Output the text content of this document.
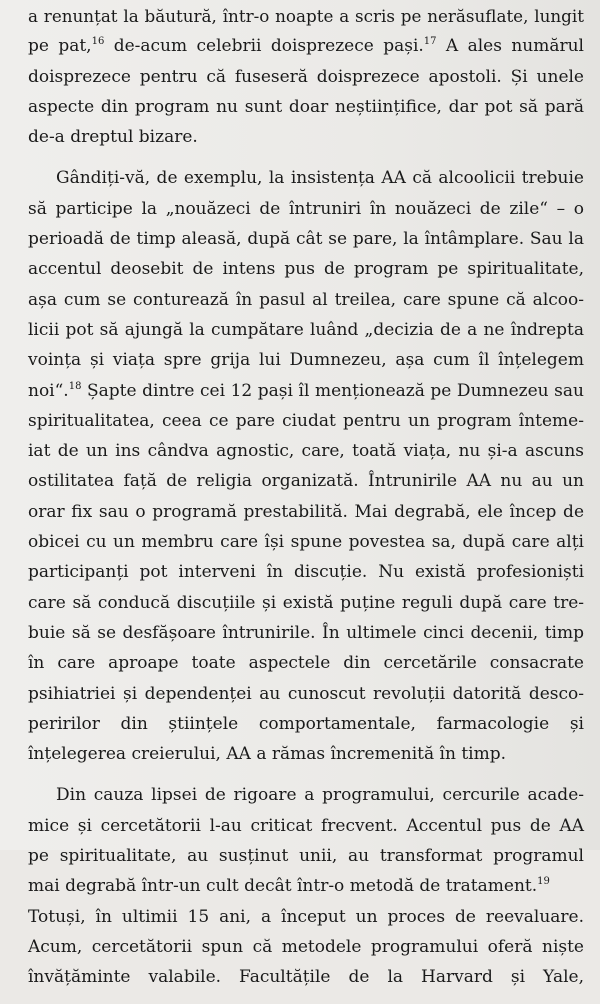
a renunțat la băutură, într-o noapte a scris pe nerăsuflate, lungit
pe pat,$^{16}$ de-acum celebrii doisprezece pași.$^{17}$ A ales numărul
doisprezece pentru că fuseseră doisprezece apostoli. Și unele
aspecte din program nu sunt doar neștiințifice, dar pot să pară
de-a dreptul bizare.
Gândiți-vă, de exemplu, la insistența AA că alcoolicii trebuie
să participe la „nouăzeci de întruniri în nouăzeci de zile“ – o
perioadă de timp aleasă, după cât se pare, la întâmplare. Sau la
accentul deosebit de intens pus de program pe spiritualitate,
așa cum se conturează în pasul al treilea, care spune că alcoo-
licii pot să ajungă la cumpătare luând „decizia de a ne îndrepta
voința și viața spre grija lui Dumnezeu, așa cum îl înțelegem
noi“.$^{18}$ Șapte dintre cei 12 pași îl menționează pe Dumnezeu sau
spiritualitatea, ceea ce pare ciudat pentru un program înteme-
iat de un ins cândva agnostic, care, toată viața, nu și-a ascuns
ostilitatea față de religia organizată. Întrunirile AA nu au un
orar fix sau o programă prestabilită. Mai degrabă, ele încep de
obicei cu un membru care își spune povestea sa, după care alți
participanți pot interveni în discuție. Nu există profesioniști
care să conducă discuțiile și există puține reguli după care tre-
buie să se desfășoare întrunirile. În ultimele cinci decenii, timp
în care aproape toate aspectele din cercetările consacrate
psihiatriei și dependenței au cunoscut revoluții datorită desco-
peririlor din științele comportamentale, farmacologie și
înțelegerea creierului, AA a rămas încremenită în timp.
Din cauza lipsei de rigoare a programului, cercurile acade-
mice și cercetătorii l-au criticat frecvent. Accentul pus de AA
pe spiritualitate, au susținut unii, au transformat programul
mai degrabă într-un cult decât într-o metodă de tratament.$^{19}$
Totuși, în ultimii 15 ani, a început un proces de reevaluare.
Acum, cercetătorii spun că metodele programului oferă niște
învățăminte valabile. Facultățile de la Harvard și Yale,
